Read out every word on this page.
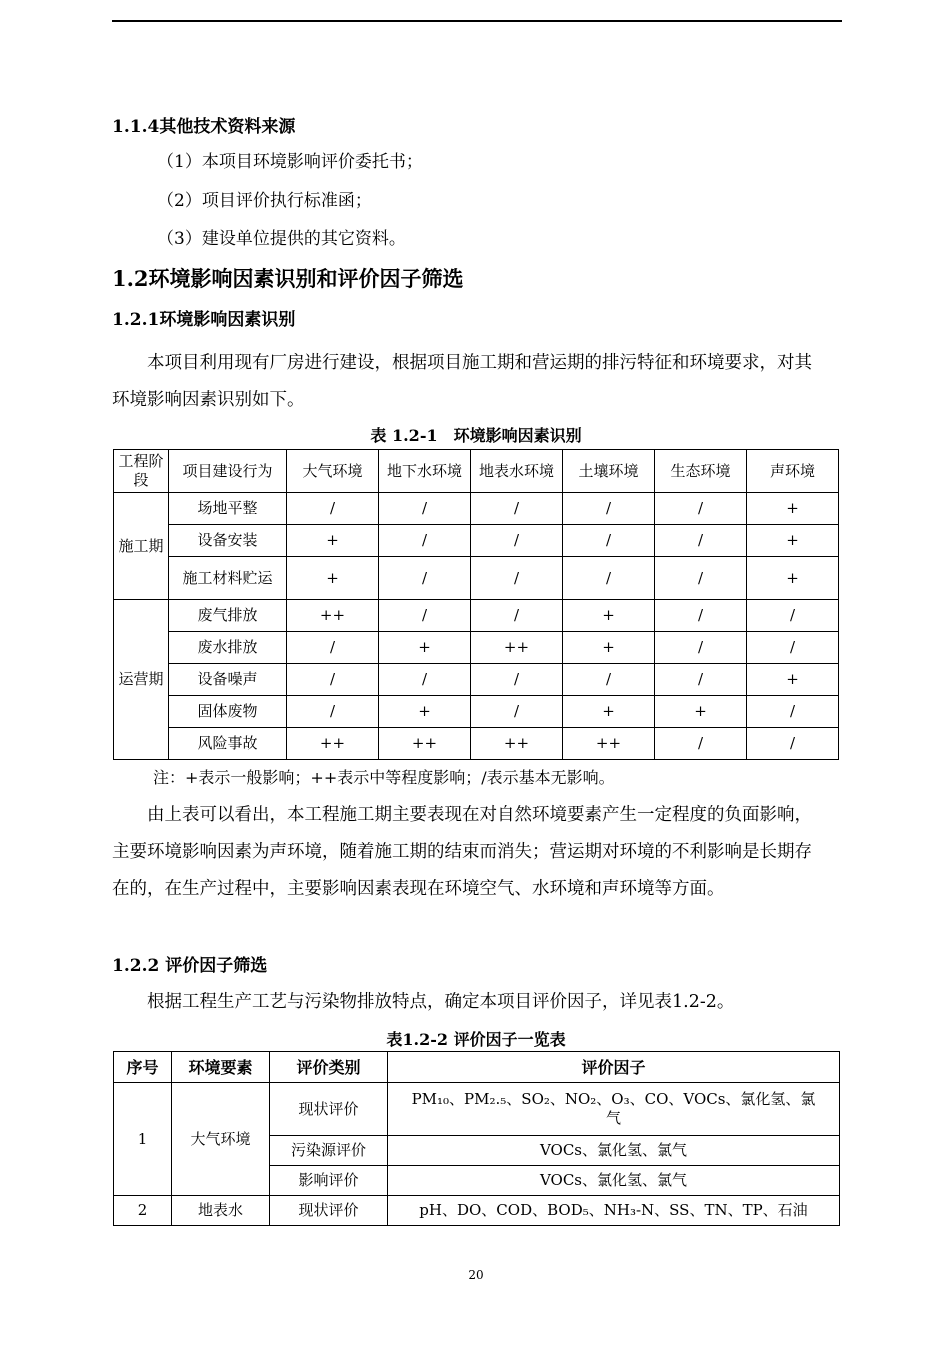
1.1.4其他技术资料来源
（1）本项目环境影响评价委托书；
（2）项目评价执行标准函；
（3）建设单位提供的其它资料。
1.2环境影响因素识别和评价因子筛选
1.2.1环境影响因素识别

本项目利用现有厂房进行建设，根据项目施工期和营运期的排污特征和环境要求，对其环境影响因素识别如下。

表 1.2-1　环境影响因素识别
工程阶段	项目建设行为	大气环境	地下水环境	地表水环境	土壤环境	生态环境	声环境
施工期	场地平整	/	/	/	/	/	+
	设备安装	+	/	/	/	/	+
	施工材料贮运	+	/	/	/	/	+
运营期	废气排放	++	/	/	+	/	/
	废水排放	/	+	++	+	/	/
	设备噪声	/	/	/	/	/	+
	固体废物	/	+	/	+	+	/
	风险事故	++	++	++	++	/	/
注：+表示一般影响；++表示中等程度影响；/表示基本无影响。

由上表可以看出，本工程施工期主要表现在对自然环境要素产生一定程度的负面影响，主要环境影响因素为声环境，随着施工期的结束而消失；营运期对环境的不利影响是长期存在的，在生产过程中，主要影响因素表现在环境空气、水环境和声环境等方面。

1.2.2 评价因子筛选

根据工程生产工艺与污染物排放特点，确定本项目评价因子，详见表1.2-2。

表1.2-2 评价因子一览表
序号	环境要素	评价类别	评价因子
1	大气环境	现状评价	PM₁₀、PM₂.₅、SO₂、NO₂、O₃、CO、VOCs、氯化氢、氯气
		污染源评价	VOCs、氯化氢、氯气
		影响评价	VOCs、氯化氢、氯气
2	地表水	现状评价	pH、DO、COD、BOD₅、NH₃-N、SS、TN、TP、石油
20
